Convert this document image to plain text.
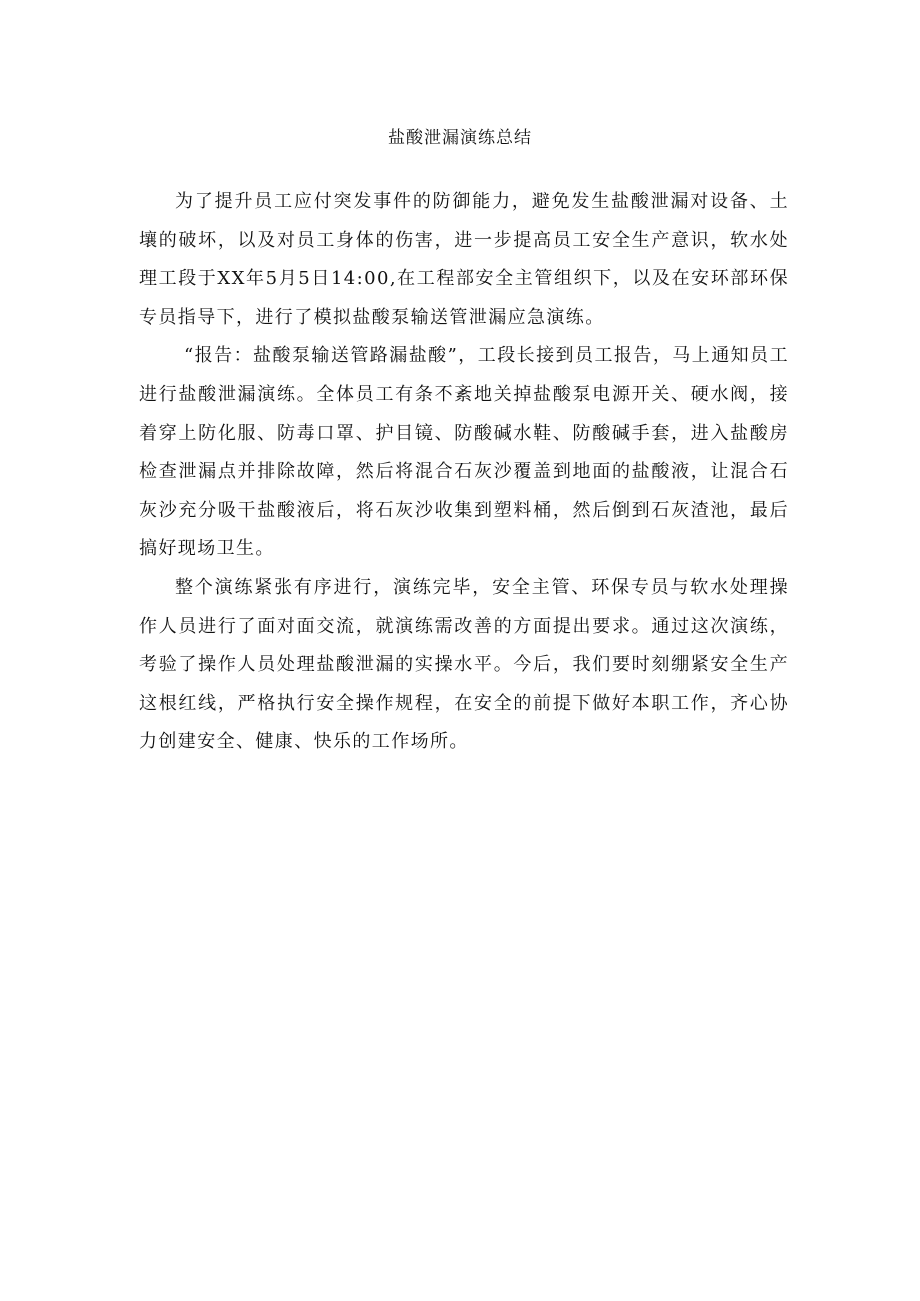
盐酸泄漏演练总结

为了提升员工应付突发事件的防御能力，避免发生盐酸泄漏对设备、土壤的破坏，以及对员工身体的伤害，进一步提高员工安全生产意识，软水处理工段于XX年5月5日14:00,在工程部安全主管组织下，以及在安环部环保专员指导下，进行了模拟盐酸泵输送管泄漏应急演练。

“报告：盐酸泵输送管路漏盐酸”，工段长接到员工报告，马上通知员工进行盐酸泄漏演练。全体员工有条不紊地关掉盐酸泵电源开关、硬水阀，接着穿上防化服、防毒口罩、护目镜、防酸碱水鞋、防酸碱手套，进入盐酸房检查泄漏点并排除故障，然后将混合石灰沙覆盖到地面的盐酸液，让混合石灰沙充分吸干盐酸液后，将石灰沙收集到塑料桶，然后倒到石灰渣池，最后搞好现场卫生。

整个演练紧张有序进行，演练完毕，安全主管、环保专员与软水处理操作人员进行了面对面交流，就演练需改善的方面提出要求。通过这次演练，考验了操作人员处理盐酸泄漏的实操水平。今后，我们要时刻绷紧安全生产这根红线，严格执行安全操作规程，在安全的前提下做好本职工作，齐心协力创建安全、健康、快乐的工作场所。
